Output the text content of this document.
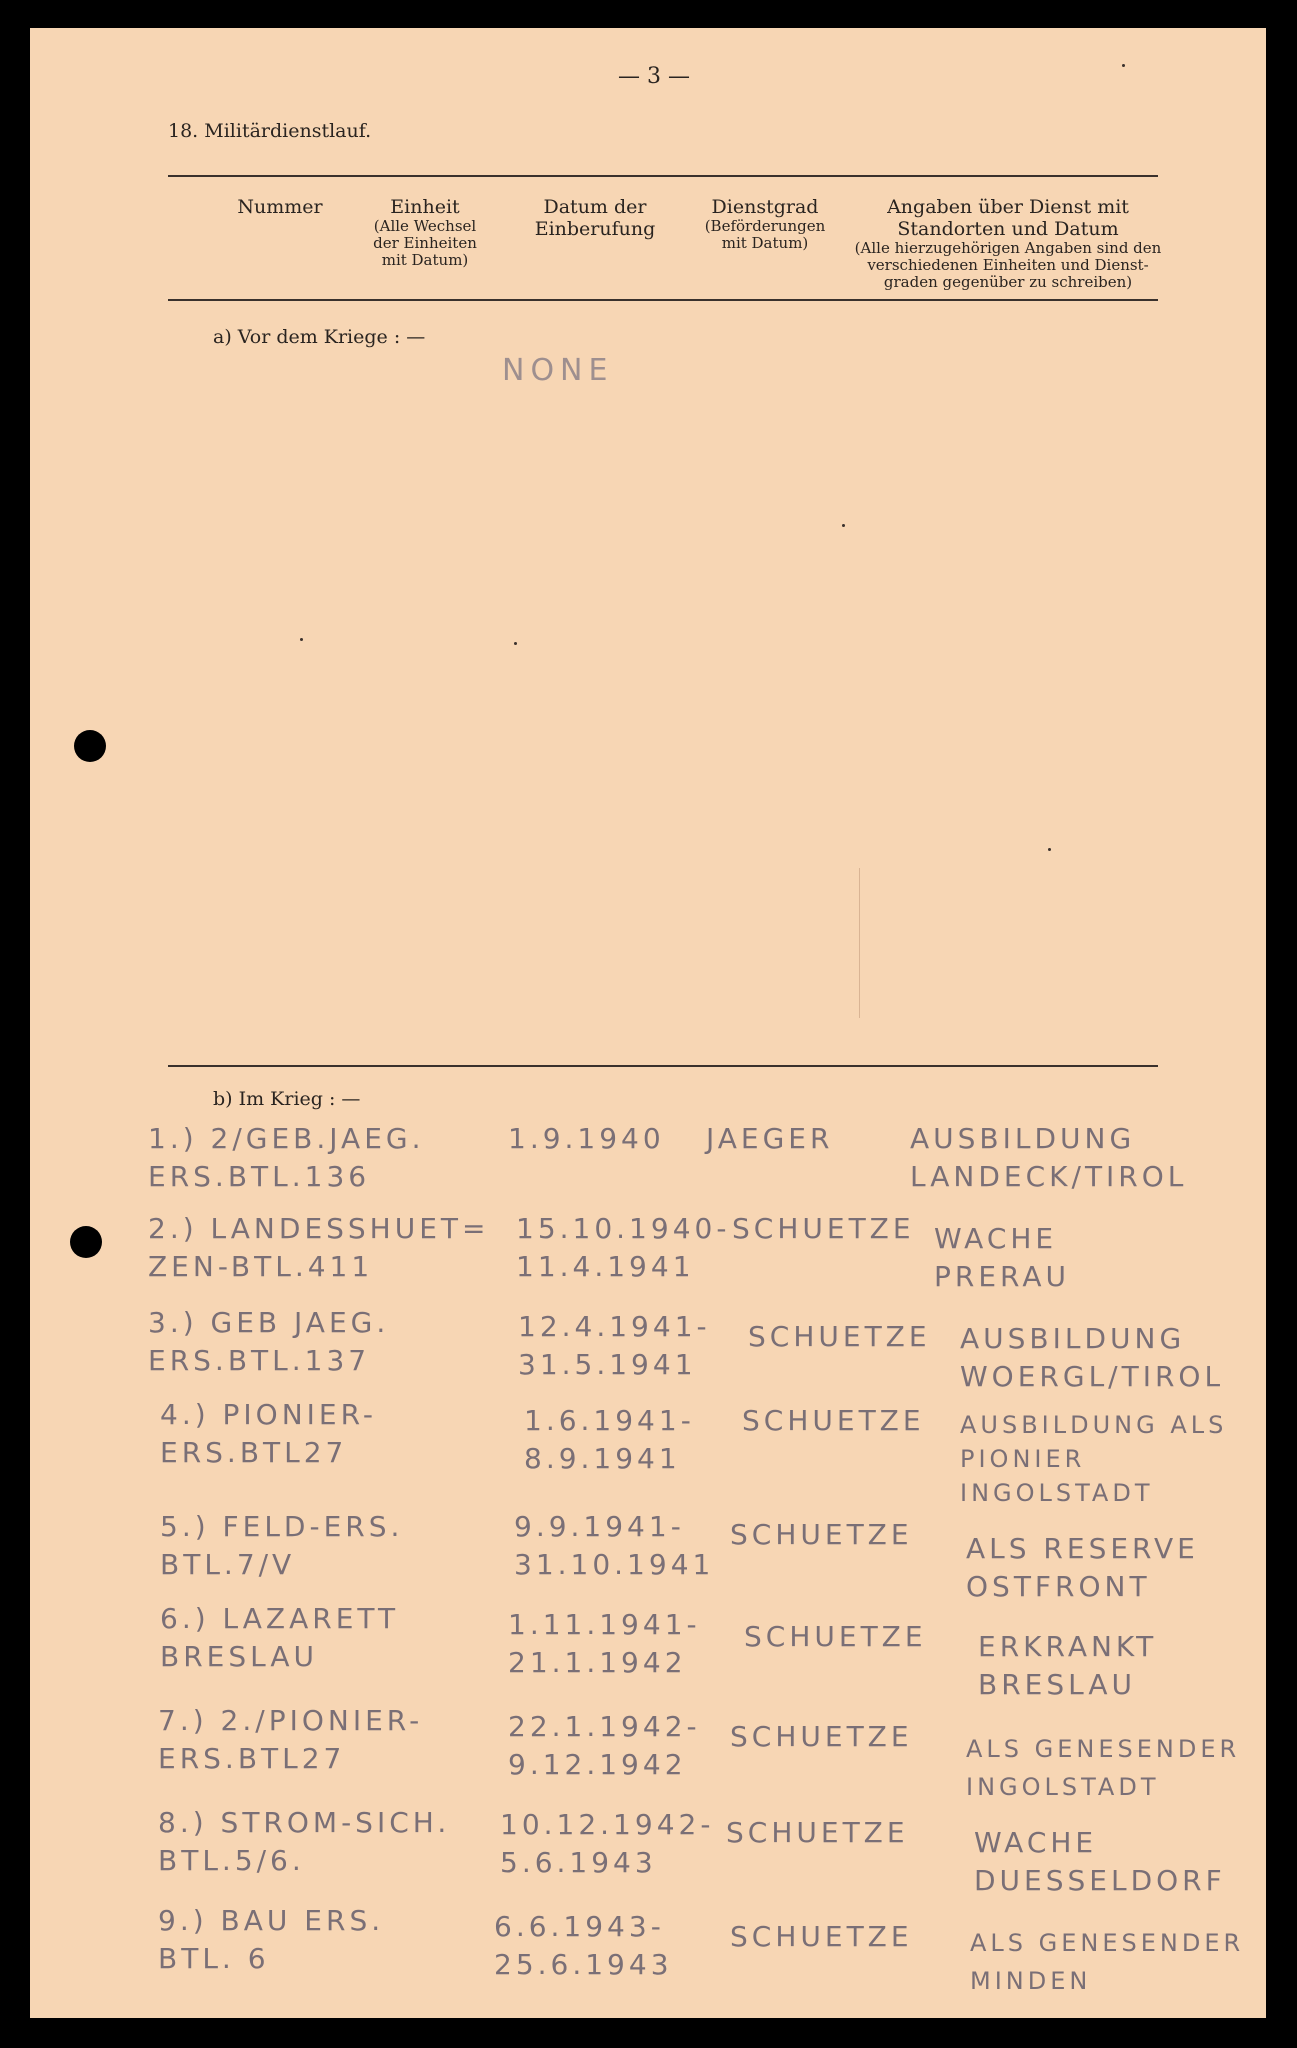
— 3 —
18. Militärdienstlauf.
Nummer	Einheit
(Alle Wechsel
der Einheiten
mit Datum)
Datum der
Einberufung
Dienstgrad
(Beförderungen
mit Datum)
Angaben über Dienst mit
Standorten und Datum
(Alle hierzugehörigen Angaben sind den
verschiedenen Einheiten und Dienst-
graden gegenüber zu schreiben)
a) Vor dem Kriege : —
NONE
b) Im Krieg : —
1.) 2/GEB.JAEG.
ERS.BTL.136
1.9.1940 JAEGER	AUSBILDUNG
LANDECK/TIROL
2.) LANDESSHUET=
ZEN-BTL.411
15.10.1940-
11.4.1941
SCHUETZE WACHE
PRERAU
3.) GEB JAEG.
ERS.BTL.137
12.4.1941-
31.5.1941
SCHUETZE AUSBILDUNG
WOERGL/TIROL
4.) PIONIER-
ERS.BTL27
1.6.1941-
8.9.1941
SCHUETZE AUSBILDUNG ALS
PIONIER
INGOLSTADT
5.) FELD-ERS.
BTL.7/V
9.9.1941-
31.10.1941
SCHUETZE ALS RESERVE
OSTFRONT
6.) LAZARETT
BRESLAU
1.11.1941-
21.1.1942
SCHUETZE ERKRANKT
BRESLAU
7.) 2./PIONIER-
ERS.BTL27
22.1.1942-
9.12.1942
SCHUETZE ALS GENESENDER
INGOLSTADT
8.) STROM-SICH.
BTL.5/6.
10.12.1942-
5.6.1943
SCHUETZE WACHE
DUESSELDORF
9.) BAU ERS.
BTL. 6
6.6.1943-
25.6.1943
SCHUETZE ALS GENESENDER
MINDEN
